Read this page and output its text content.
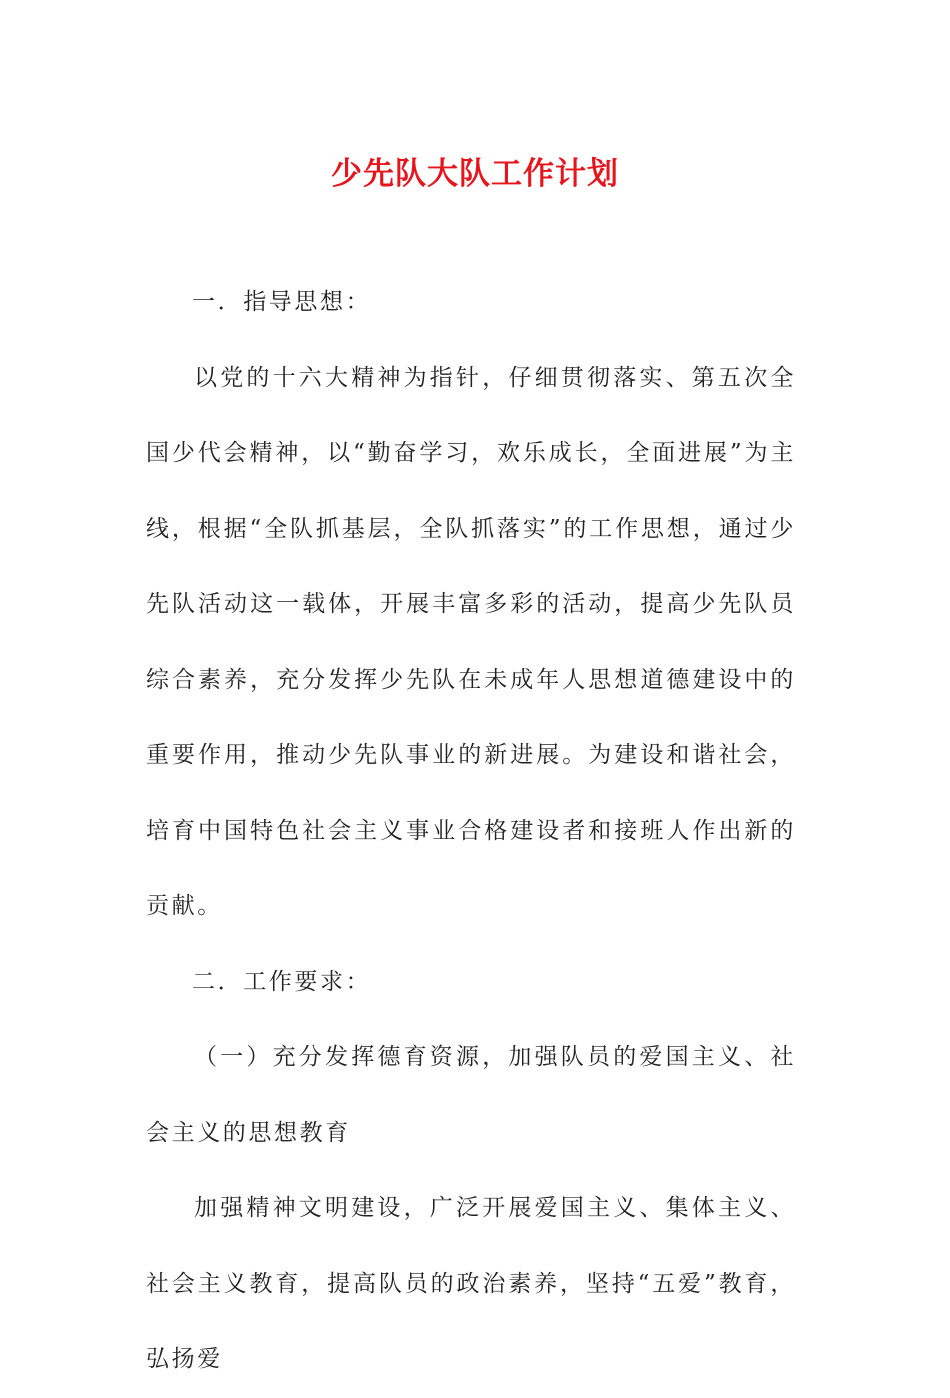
少先队大队工作计划

一．指导思想：

以党的十六大精神为指针，仔细贯彻落实、第五次全国少代会精神，以“勤奋学习，欢乐成长，全面进展”为主线，根据“全队抓基层，全队抓落实”的工作思想，通过少先队活动这一载体，开展丰富多彩的活动，提高少先队员综合素养，充分发挥少先队在未成年人思想道德建设中的重要作用，推动少先队事业的新进展。为建设和谐社会，培育中国特色社会主义事业合格建设者和接班人作出新的贡献。

二．工作要求：

（一）充分发挥德育资源，加强队员的爱国主义、社会主义的思想教育

加强精神文明建设，广泛开展爱国主义、集体主义、社会主义教育，提高队员的政治素养，坚持“五爱”教育，弘扬爱
